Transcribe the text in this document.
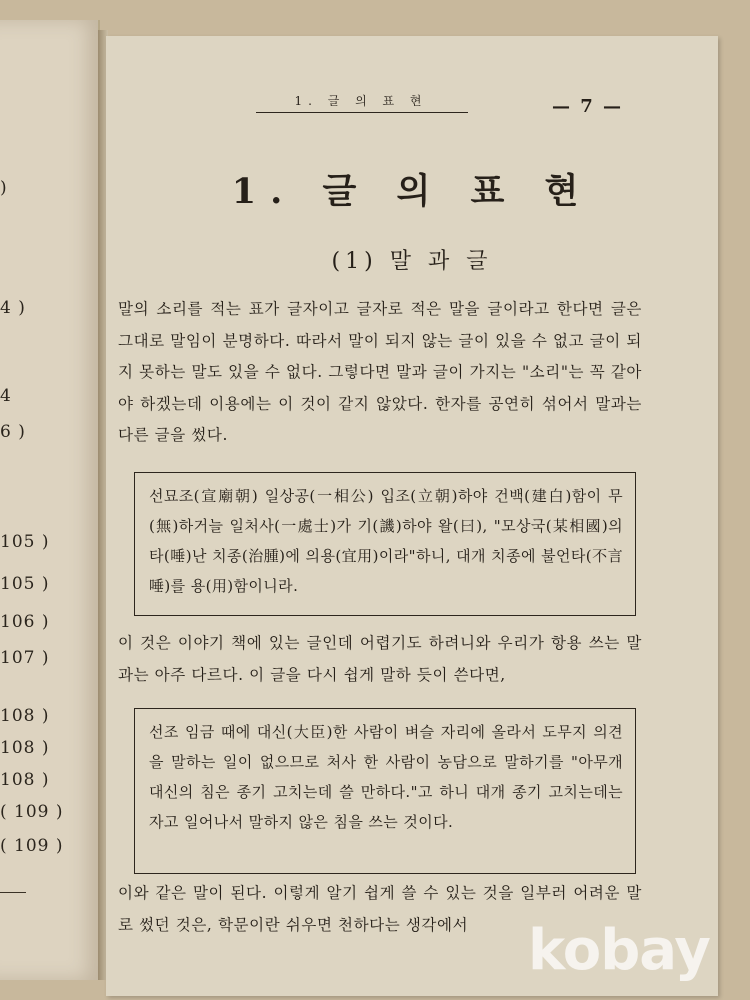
)
4 )
4
6 )
105 )
105 )
106 )
107 )
108 )
108 )
108 )
( 109 )
( 109 )
1. 글 의 표 현	— 7 —
1. 글 의 표 현
(1) 말 과 글

말의 소리를 적는 표가 글자이고 글자로 적은 말을 글이라고 한다면 글은 그대로 말임이 분명하다. 따라서 말이 되지 않는 글이 있을 수 없고 글이 되지 못하는 말도 있을 수 없다. 그렇다면 말과 글이 가지는 "소리"는 꼭 같아야 하겠는데 이용에는 이 것이 같지 않았다. 한자를 공연히 섞어서 말과는 다른 글을 썼다.

선묘조(宣廟朝) 일상공(一相公) 입조(立朝)하야 건백(建白)함이 무(無)하거늘 일처사(一處士)가 기(譏)하야 왈(曰), "모상국(某相國)의 타(唾)난 치종(治腫)에 의용(宜用)이라"하니, 대개 치종에 불언타(不言唾)를 용(用)함이니라.

이 것은 이야기 책에 있는 글인데 어렵기도 하려니와 우리가 항용 쓰는 말과는 아주 다르다. 이 글을 다시 쉽게 말하 듯이 쓴다면,

선조 임금 때에 대신(大臣)한 사람이 벼슬 자리에 올라서 도무지 의견을 말하는 일이 없으므로 처사 한 사람이 농담으로 말하기를 "아무개 대신의 침은 종기 고치는데 쓸 만하다."고 하니 대개 종기 고치는데는 자고 일어나서 말하지 않은 침을 쓰는 것이다.

이와 같은 말이 된다. 이렇게 알기 쉽게 쓸 수 있는 것을 일부러 어려운 말로 썼던 것은, 학문이란 쉬우면 천하다는 생각에서	kobay
